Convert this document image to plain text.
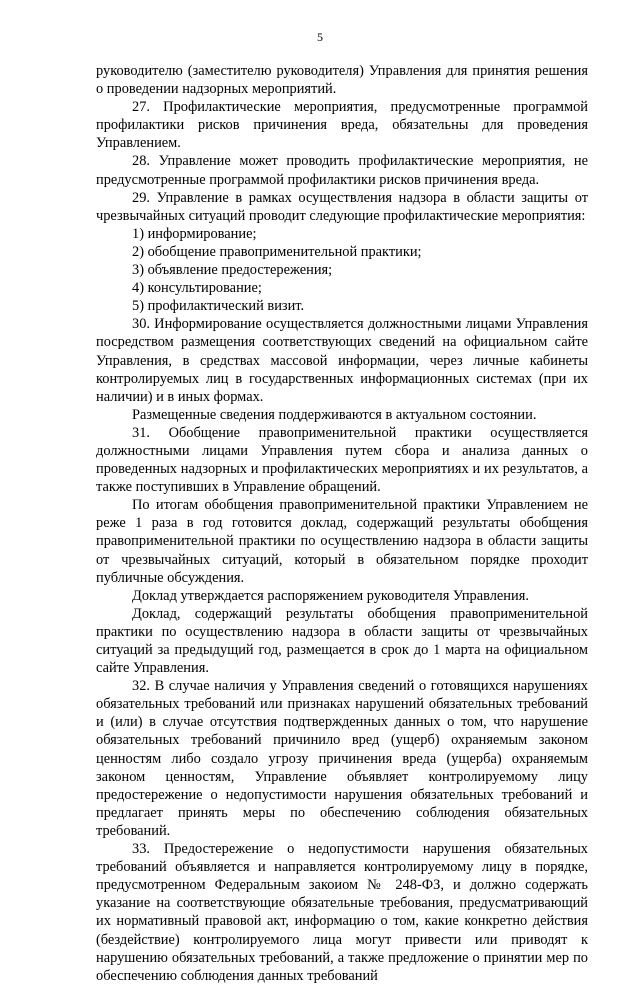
5

руководителю (заместителю руководителя) Управления для принятия решения о проведении надзорных мероприятий.

27. Профилактические мероприятия, предусмотренные программой профилактики рисков причинения вреда, обязательны для проведения Управлением.

28. Управление может проводить профилактические мероприятия, не предусмотренные программой профилактики рисков причинения вреда.

29. Управление в рамках осуществления надзора в области защиты от чрезвычайных ситуаций проводит следующие профилактические мероприятия:

1) информирование;

2) обобщение правоприменительной практики;

3) объявление предостережения;

4) консультирование;

5) профилактический визит.

30. Информирование осуществляется должностными лицами Управления посредством размещения соответствующих сведений на официальном сайте Управления, в средствах массовой информации, через личные кабинеты контролируемых лиц в государственных информационных системах (при их наличии) и в иных формах.

Размещенные сведения поддерживаются в актуальном состоянии.

31. Обобщение правоприменительной практики осуществляется должностными лицами Управления путем сбора и анализа данных о проведенных надзорных и профилактических мероприятиях и их результатов, а также поступивших в Управление обращений.

По итогам обобщения правоприменительной практики Управлением не реже 1 раза в год готовится доклад, содержащий результаты обобщения правоприменительной практики по осуществлению надзора в области защиты от чрезвычайных ситуаций, который в обязательном порядке проходит публичные обсуждения.

Доклад утверждается распоряжением руководителя Управления.

Доклад, содержащий результаты обобщения правоприменительной практики по осуществлению надзора в области защиты от чрезвычайных ситуаций за предыдущий год, размещается в срок до 1 марта на официальном сайте Управления.

32. В случае наличия у Управления сведений о готовящихся нарушениях обязательных требований или признаках нарушений обязательных требований и (или) в случае отсутствия подтвержденных данных о том, что нарушение обязательных требований причинило вред (ущерб) охраняемым законом ценностям либо создало угрозу причинения вреда (ущерба) охраняемым законом ценностям, Управление объявляет контролируемому лицу предостережение о недопустимости нарушения обязательных требований и предлагает принять меры по обеспечению соблюдения обязательных требований.

33. Предостережение о недопустимости нарушения обязательных требований объявляется и направляется контролируемому лицу в порядке, предусмотренном Федеральным закоиом № 248-ФЗ, и должно содержать указание на соответствующие обязательные требования, предусматривающий их нормативный правовой акт, информацию о том, какие конкретно действия (бездействие) контролируемого лица могут привести или приводят к нарушению обязательных требований, а также предложение о принятии мер по обеспечению соблюдения данных требований
